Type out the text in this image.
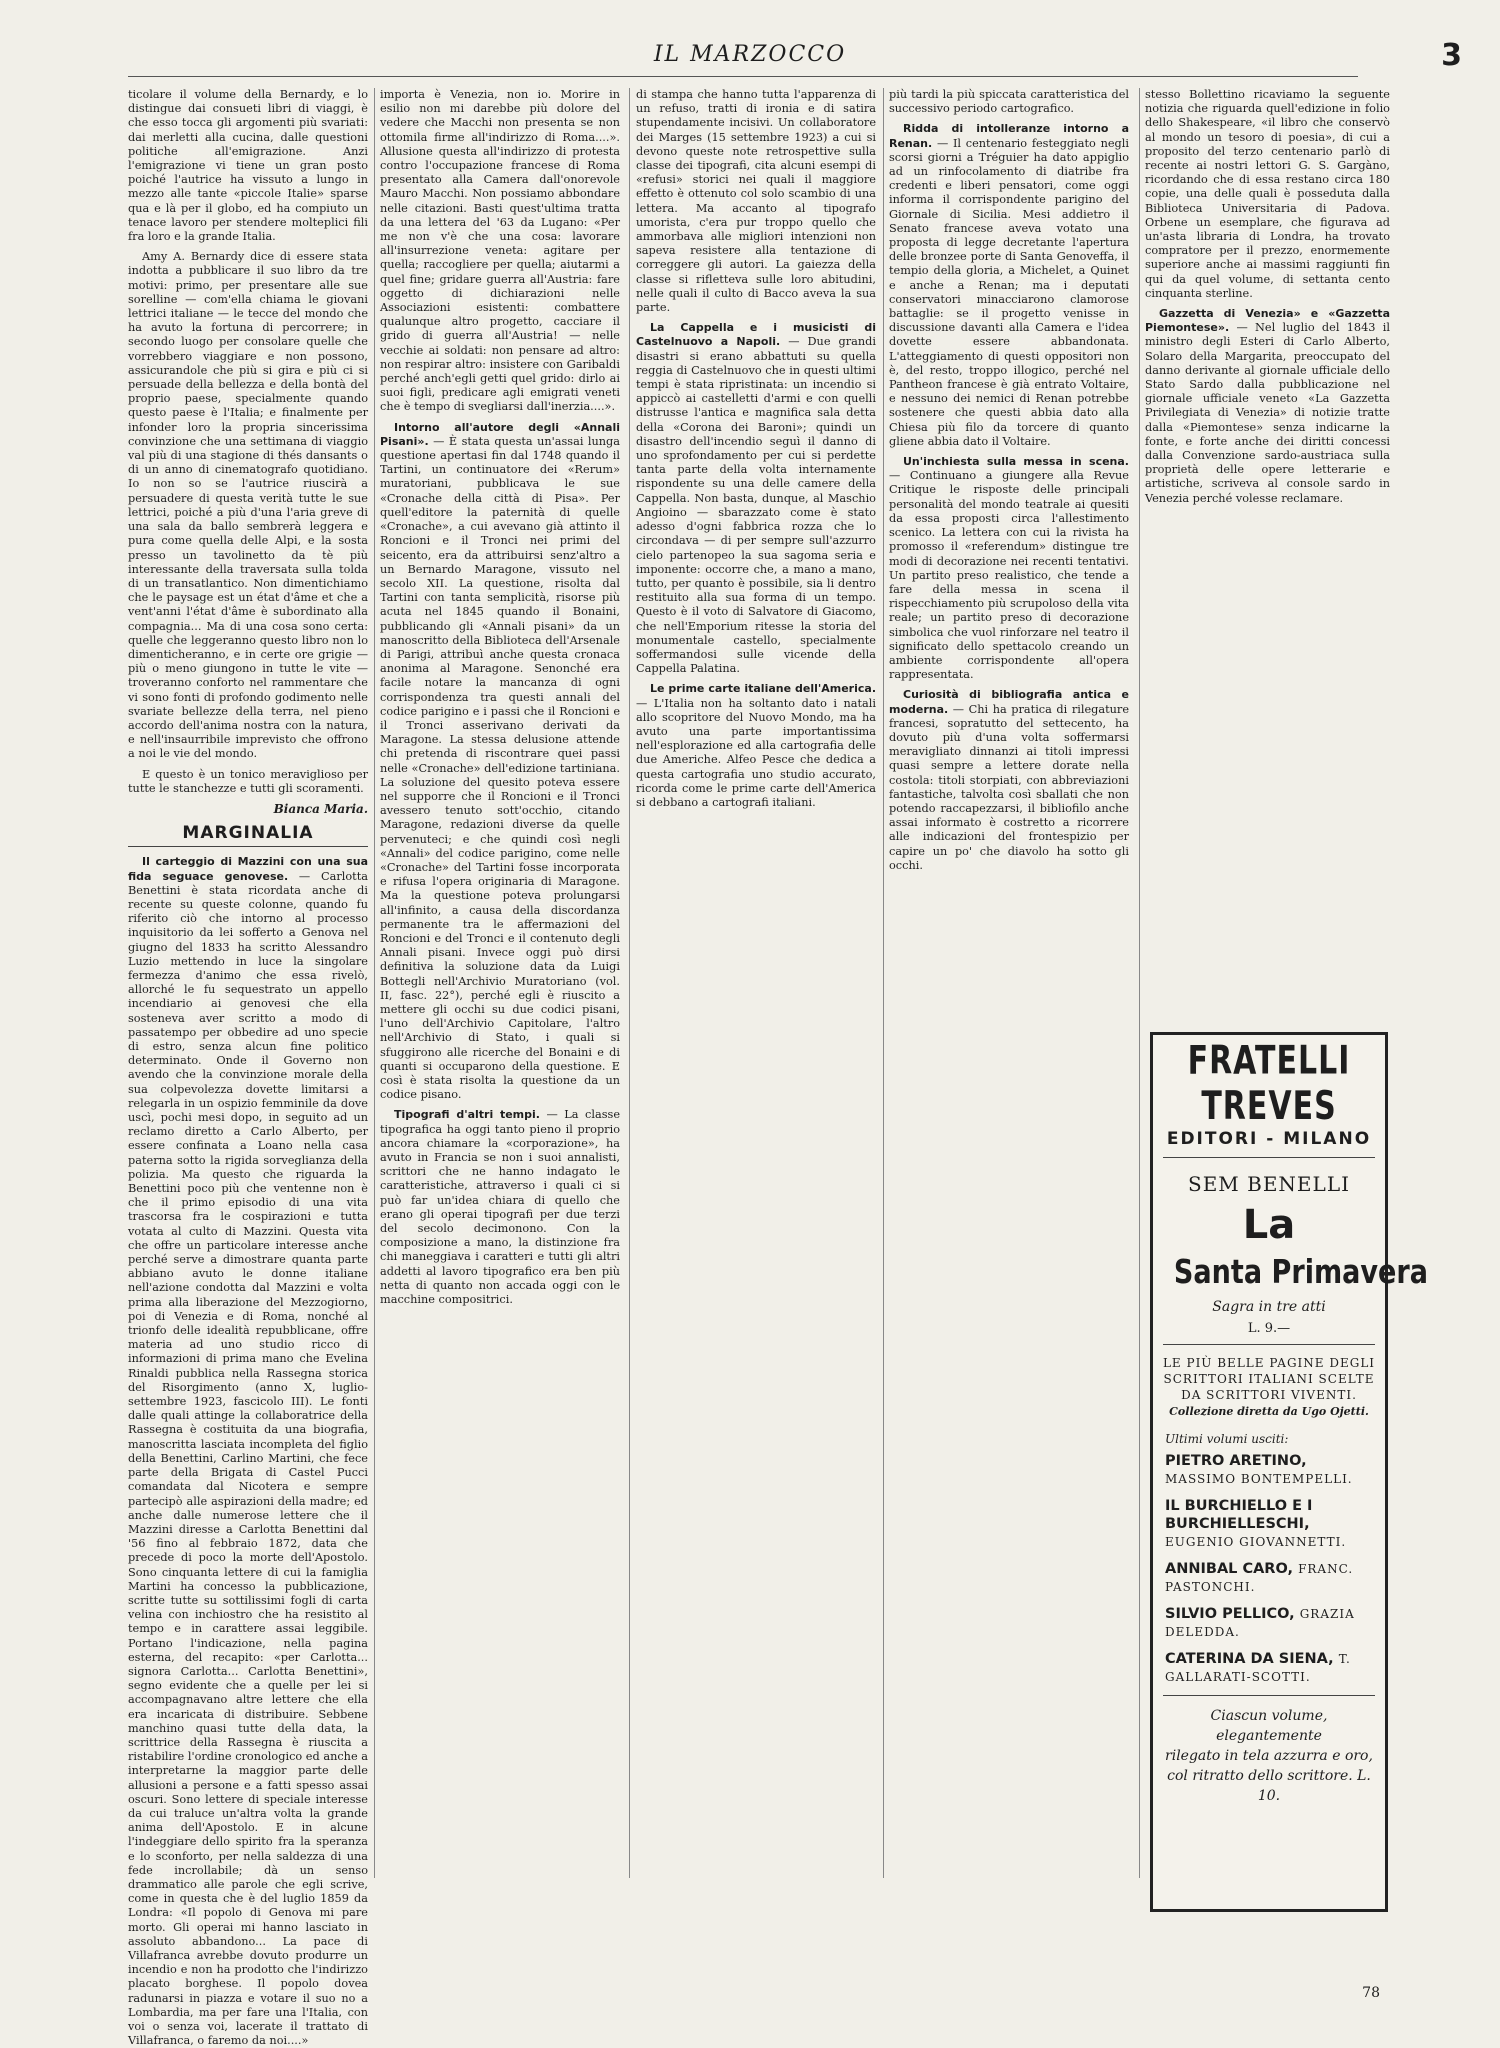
IL MARZOCCO	3

ticolare il volume della Bernardy, e lo distingue dai consueti libri di viaggi, è che esso tocca gli argomenti più svariati: dai merletti alla cucina, dalle questioni politiche all'emigrazione. Anzi l'emigrazione vi tiene un gran posto poiché l'autrice ha vissuto a lungo in mezzo alle tante «piccole Italie» sparse qua e là per il globo, ed ha compiuto un tenace lavoro per stendere molteplici fili fra loro e la grande Italia.

Amy A. Bernardy dice di essere stata indotta a pubblicare il suo libro da tre motivi: primo, per presentare alle sue sorelline — com'ella chiama le giovani lettrici italiane — le tecce del mondo che ha avuto la fortuna di percorrere; in secondo luogo per consolare quelle che vorrebbero viaggiare e non possono, assicurandole che più si gira e più ci si persuade della bellezza e della bontà del proprio paese, specialmente quando questo paese è l'Italia; e finalmente per infonder loro la propria sincerissima convinzione che una settimana di viaggio val più di una stagione di thés dansants o di un anno di cinematografo quotidiano. Io non so se l'autrice riuscirà a persuadere di questa verità tutte le sue lettrici, poiché a più d'una l'aria greve di una sala da ballo sembrerà leggera e pura come quella delle Alpi, e la sosta presso un tavolinetto da tè più interessante della traversata sulla tolda di un transatlantico. Non dimentichiamo che le paysage est un état d'âme et che a vent'anni l'état d'âme è subordinato alla compagnia... Ma di una cosa sono certa: quelle che leggeranno questo libro non lo dimenticheranno, e in certe ore grigie — più o meno giungono in tutte le vite — troveranno conforto nel rammentare che vi sono fonti di profondo godimento nelle svariate bellezze della terra, nel pieno accordo dell'anima nostra con la natura, e nell'insaurribile imprevisto che offrono a noi le vie del mondo.

E questo è un tonico meraviglioso per tutte le stanchezze e tutti gli scoramenti.

Bianca Maria.
MARGINALIA

Il carteggio di Mazzini con una sua fida seguace genovese. — Carlotta Benettini è stata ricordata anche di recente su queste colonne, quando fu riferito ciò che intorno al processo inquisitorio da lei sofferto a Genova nel giugno del 1833 ha scritto Alessandro Luzio mettendo in luce la singolare fermezza d'animo che essa rivelò, allorché le fu sequestrato un appello incendiario ai genovesi che ella sosteneva aver scritto a modo di passatempo per obbedire ad uno specie di estro, senza alcun fine politico determinato. Onde il Governo non avendo che la convinzione morale della sua colpevolezza dovette limitarsi a relegarla in un ospizio femminile da dove uscì, pochi mesi dopo, in seguito ad un reclamo diretto a Carlo Alberto, per essere confinata a Loano nella casa paterna sotto la rigida sorveglianza della polizia. Ma questo che riguarda la Benettini poco più che ventenne non è che il primo episodio di una vita trascorsa fra le cospirazioni e tutta votata al culto di Mazzini. Questa vita che offre un particolare interesse anche perché serve a dimostrare quanta parte abbiano avuto le donne italiane nell'azione condotta dal Mazzini e volta prima alla liberazione del Mezzogiorno, poi di Venezia e di Roma, nonché al trionfo delle idealità repubblicane, offre materia ad uno studio ricco di informazioni di prima mano che Evelina Rinaldi pubblica nella Rassegna storica del Risorgimento (anno X, luglio-settembre 1923, fascicolo III). Le fonti dalle quali attinge la collaboratrice della Rassegna è costituita da una biografia, manoscritta lasciata incompleta del figlio della Benettini, Carlino Martini, che fece parte della Brigata di Castel Pucci comandata dal Nicotera e sempre partecipò alle aspirazioni della madre; ed anche dalle numerose lettere che il Mazzini diresse a Carlotta Benettini dal '56 fino al febbraio 1872, data che precede di poco la morte dell'Apostolo. Sono cinquanta lettere di cui la famiglia Martini ha concesso la pubblicazione, scritte tutte su sottilissimi fogli di carta velina con inchiostro che ha resistito al tempo e in carattere assai leggibile. Portano l'indicazione, nella pagina esterna, del recapito: «per Carlotta... signora Carlotta... Carlotta Benettini», segno evidente che a quelle per lei si accompagnavano altre lettere che ella era incaricata di distribuire. Sebbene manchino quasi tutte della data, la scrittrice della Rassegna è riuscita a ristabilire l'ordine cronologico ed anche a interpretarne la maggior parte delle allusioni a persone e a fatti spesso assai oscuri. Sono lettere di speciale interesse da cui traluce un'altra volta la grande anima dell'Apostolo. E in alcune l'indeggiare dello spirito fra la speranza e lo sconforto, per nella saldezza di una fede incrollabile; dà un senso drammatico alle parole che egli scrive, come in questa che è del luglio 1859 da Londra: «Il popolo di Genova mi pare morto. Gli operai mi hanno lasciato in assoluto abbandono... La pace di Villafranca avrebbe dovuto produrre un incendio e non ha prodotto che l'indirizzo placato borghese. Il popolo dovea radunarsi in piazza e votare il suo no a Lombardia, ma per fare una l'Italia, con voi o senza voi, lacerate il trattato di Villafranca, o faremo da noi....»

importa è Venezia, non io. Morire in esilio non mi darebbe più dolore del vedere che Macchi non presenta se non ottomila firme all'indirizzo di Roma....». Allusione questa all'indirizzo di protesta contro l'occupazione francese di Roma presentato alla Camera dall'onorevole Mauro Macchi. Non possiamo abbondare nelle citazioni. Basti quest'ultima tratta da una lettera del '63 da Lugano: «Per me non v'è che una cosa: lavorare all'insurrezione veneta: agitare per quella; raccogliere per quella; aiutarmi a quel fine; gridare guerra all'Austria: fare oggetto di dichiarazioni nelle Associazioni esistenti: combattere qualunque altro progetto, cacciare il grido di guerra all'Austria! — nelle vecchie ai soldati: non pensare ad altro: non respirar altro: insistere con Garibaldi perché anch'egli getti quel grido: dirlo ai suoi figli, predicare agli emigrati veneti che è tempo di svegliarsi dall'inerzia....».

Intorno all'autore degli «Annali Pisani». — È stata questa un'assai lunga questione apertasi fin dal 1748 quando il Tartini, un continuatore dei «Rerum» muratoriani, pubblicava le sue «Cronache della città di Pisa». Per quell'editore la paternità di quelle «Cronache», a cui avevano già attinto il Roncioni e il Tronci nei primi del seicento, era da attribuirsi senz'altro a un Bernardo Maragone, vissuto nel secolo XII. La questione, risolta dal Tartini con tanta semplicità, risorse più acuta nel 1845 quando il Bonaini, pubblicando gli «Annali pisani» da un manoscritto della Biblioteca dell'Arsenale di Parigi, attribuì anche questa cronaca anonima al Maragone. Senonché era facile notare la mancanza di ogni corrispondenza tra questi annali del codice parigino e i passi che il Roncioni e il Tronci asserivano derivati da Maragone. La stessa delusione attende chi pretenda di riscontrare quei passi nelle «Cronache» dell'edizione tartiniana. La soluzione del quesito poteva essere nel supporre che il Roncioni e il Tronci avessero tenuto sott'occhio, citando Maragone, redazioni diverse da quelle pervenuteci; e che quindi così negli «Annali» del codice parigino, come nelle «Cronache» del Tartini fosse incorporata e rifusa l'opera originaria di Maragone. Ma la questione poteva prolungarsi all'infinito, a causa della discordanza permanente tra le affermazioni del Roncioni e del Tronci e il contenuto degli Annali pisani. Invece oggi può dirsi definitiva la soluzione data da Luigi Bottegli nell'Archivio Muratoriano (vol. II, fasc. 22°), perché egli è riuscito a mettere gli occhi su due codici pisani, l'uno dell'Archivio Capitolare, l'altro nell'Archivio di Stato, i quali si sfuggirono alle ricerche del Bonaini e di quanti si occuparono della questione. E così è stata risolta la questione da un codice pisano.

Tipografi d'altri tempi. — La classe tipografica ha oggi tanto pieno il proprio ancora chiamare la «corporazione», ha avuto in Francia se non i suoi annalisti, scrittori che ne hanno indagato le caratteristiche, attraverso i quali ci si può far un'idea chiara di quello che erano gli operai tipografi per due terzi del secolo decimonono. Con la composizione a mano, la distinzione fra chi maneggiava i caratteri e tutti gli altri addetti al lavoro tipografico era ben più netta di quanto non accada oggi con le macchine compositrici.

di stampa che hanno tutta l'apparenza di un refuso, tratti di ironia e di satira stupendamente incisivi. Un collaboratore dei Marges (15 settembre 1923) a cui si devono queste note retrospettive sulla classe dei tipografi, cita alcuni esempi di «refusi» storici nei quali il maggiore effetto è ottenuto col solo scambio di una lettera. Ma accanto al tipografo umorista, c'era pur troppo quello che ammorbava alle migliori intenzioni non sapeva resistere alla tentazione di correggere gli autori. La gaiezza della classe si rifletteva sulle loro abitudini, nelle quali il culto di Bacco aveva la sua parte.

La Cappella e i musicisti di Castelnuovo a Napoli. — Due grandi disastri si erano abbattuti su quella reggia di Castelnuovo che in questi ultimi tempi è stata ripristinata: un incendio si appiccò ai castelletti d'armi e con quelli distrusse l'antica e magnifica sala detta della «Corona dei Baroni»; quindi un disastro dell'incendio seguì il danno di uno sprofondamento per cui si perdette tanta parte della volta internamente rispondente su una delle camere della Cappella. Non basta, dunque, al Maschio Angioino — sbarazzato come è stato adesso d'ogni fabbrica rozza che lo circondava — di per sempre sull'azzurro cielo partenopeo la sua sagoma seria e imponente: occorre che, a mano a mano, tutto, per quanto è possibile, sia li dentro restituito alla sua forma di un tempo. Questo è il voto di Salvatore di Giacomo, che nell'Emporium ritesse la storia del monumentale castello, specialmente soffermandosi sulle vicende della Cappella Palatina.

Le prime carte italiane dell'America. — L'Italia non ha soltanto dato i natali allo scopritore del Nuovo Mondo, ma ha avuto una parte importantissima nell'esplorazione ed alla cartografia delle due Americhe. Alfeo Pesce che dedica a questa cartografia uno studio accurato, ricorda come le prime carte dell'America si debbano a cartografi italiani.

più tardi la più spiccata caratteristica del successivo periodo cartografico.

Ridda di intolleranze intorno a Renan. — Il centenario festeggiato negli scorsi giorni a Tréguier ha dato appiglio ad un rinfocolamento di diatribe fra credenti e liberi pensatori, come oggi informa il corrispondente parigino del Giornale di Sicilia. Mesi addietro il Senato francese aveva votato una proposta di legge decretante l'apertura delle bronzee porte di Santa Genoveffa, il tempio della gloria, a Michelet, a Quinet e anche a Renan; ma i deputati conservatori minacciarono clamorose battaglie: se il progetto venisse in discussione davanti alla Camera e l'idea dovette essere abbandonata. L'atteggiamento di questi oppositori non è, del resto, troppo illogico, perché nel Pantheon francese è già entrato Voltaire, e nessuno dei nemici di Renan potrebbe sostenere che questi abbia dato alla Chiesa più filo da torcere di quanto gliene abbia dato il Voltaire.

Un'inchiesta sulla messa in scena. — Continuano a giungere alla Revue Critique le risposte delle principali personalità del mondo teatrale ai quesiti da essa proposti circa l'allestimento scenico. La lettera con cui la rivista ha promosso il «referendum» distingue tre modi di decorazione nei recenti tentativi. Un partito preso realistico, che tende a fare della messa in scena il rispecchiamento più scrupoloso della vita reale; un partito preso di decorazione simbolica che vuol rinforzare nel teatro il significato dello spettacolo creando un ambiente corrispondente all'opera rappresentata.

Curiosità di bibliografia antica e moderna. — Chi ha pratica di rilegature francesi, sopratutto del settecento, ha dovuto più d'una volta soffermarsi meravigliato dinnanzi ai titoli impressi quasi sempre a lettere dorate nella costola: titoli storpiati, con abbreviazioni fantastiche, talvolta così sballati che non potendo raccapezzarsi, il bibliofilo anche assai informato è costretto a ricorrere alle indicazioni del frontespizio per capire un po' che diavolo ha sotto gli occhi.

stesso Bollettino ricaviamo la seguente notizia che riguarda quell'edizione in folio dello Shakespeare, «il libro che conservò al mondo un tesoro di poesia», di cui a proposito del terzo centenario parlò di recente ai nostri lettori G. S. Gargàno, ricordando che di essa restano circa 180 copie, una delle quali è posseduta dalla Biblioteca Universitaria di Padova. Orbene un esemplare, che figurava ad un'asta libraria di Londra, ha trovato compratore per il prezzo, enormemente superiore anche ai massimi raggiunti fin qui da quel volume, di settanta cento cinquanta sterline.

Gazzetta di Venezia» e «Gazzetta Piemontese». — Nel luglio del 1843 il ministro degli Esteri di Carlo Alberto, Solaro della Margarita, preoccupato del danno derivante al giornale ufficiale dello Stato Sardo dalla pubblicazione nel giornale ufficiale veneto «La Gazzetta Privilegiata di Venezia» di notizie tratte dalla «Piemontese» senza indicarne la fonte, e forte anche dei diritti concessi dalla Convenzione sardo-austriaca sulla proprietà delle opere letterarie e artistiche, scriveva al console sardo in Venezia perché volesse reclamare.

FRATELLI TREVES
EDITORI - MILANO
SEM BENELLI
La
Santa Primavera
Sagra in tre atti
L. 9.—
LE PIÙ BELLE PAGINE DEGLI
SCRITTORI ITALIANI SCELTE
DA SCRITTORI VIVENTI.
Collezione diretta da Ugo Ojetti.
Ultimi volumi usciti:
PIETRO ARETINO, MASSIMO BONTEMPELLI.
IL BURCHIELLO E I BURCHIELLESCHI, EUGENIO GIOVANNETTI.
ANNIBAL CARO, FRANC. PASTONCHI.
SILVIO PELLICO, GRAZIA DELEDDA.
CATERINA DA SIENA, T. GALLARATI-SCOTTI.
Ciascun volume, elegantemente
rilegato in tela azzurra e oro,
col ritratto dello scrittore. L. 10.
78
